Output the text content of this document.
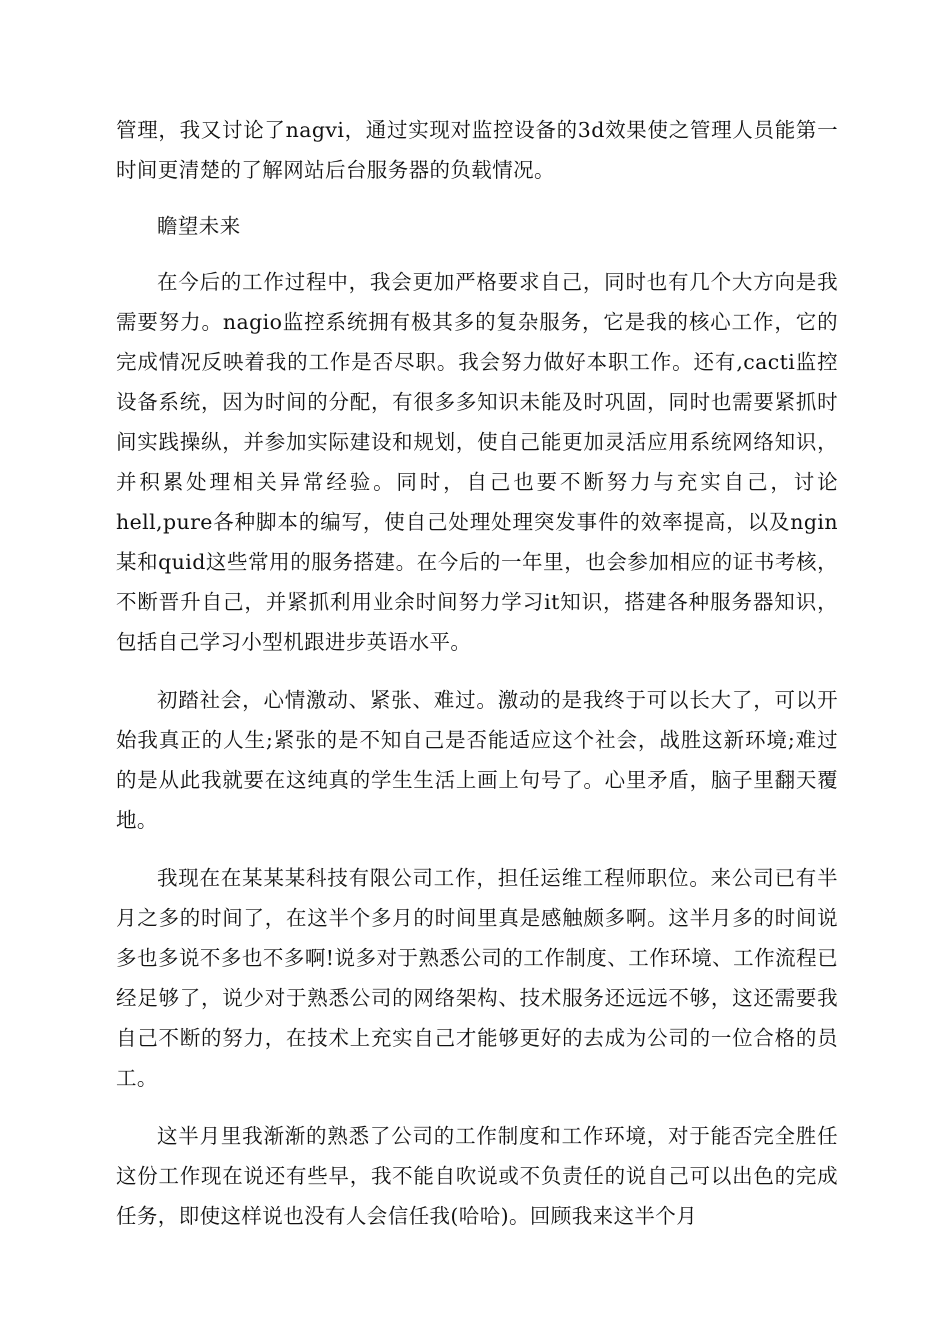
管理，我又讨论了nagvi，通过实现对监控设备的3d效果使之管理人员能第一时间更清楚的了解网站后台服务器的负载情况。

瞻望未来

在今后的工作过程中，我会更加严格要求自己，同时也有几个大方向是我需要努力。nagio监控系统拥有极其多的复杂服务，它是我的核心工作，它的完成情况反映着我的工作是否尽职。我会努力做好本职工作。还有,cacti监控设备系统，因为时间的分配，有很多多知识未能及时巩固，同时也需要紧抓时间实践操纵，并参加实际建设和规划，使自己能更加灵活应用系统网络知识，并积累处理相关异常经验。同时，自己也要不断努力与充实自己，讨论hell,pure各种脚本的编写，使自己处理处理突发事件的效率提高，以及ngin某和quid这些常用的服务搭建。在今后的一年里，也会参加相应的证书考核，不断晋升自己，并紧抓利用业余时间努力学习it知识，搭建各种服务器知识，包括自己学习小型机跟进步英语水平。

初踏社会，心情激动、紧张、难过。激动的是我终于可以长大了，可以开始我真正的人生;紧张的是不知自己是否能适应这个社会，战胜这新环境;难过的是从此我就要在这纯真的学生生活上画上句号了。心里矛盾，脑子里翻天覆地。

我现在在某某某科技有限公司工作，担任运维工程师职位。来公司已有半月之多的时间了，在这半个多月的时间里真是感触颇多啊。这半月多的时间说多也多说不多也不多啊!说多对于熟悉公司的工作制度、工作环境、工作流程已经足够了，说少对于熟悉公司的网络架构、技术服务还远远不够，这还需要我自己不断的努力，在技术上充实自己才能够更好的去成为公司的一位合格的员工。

这半月里我渐渐的熟悉了公司的工作制度和工作环境，对于能否完全胜任这份工作现在说还有些早，我不能自吹说或不负责任的说自己可以出色的完成任务，即使这样说也没有人会信任我(哈哈)。回顾我来这半个月
